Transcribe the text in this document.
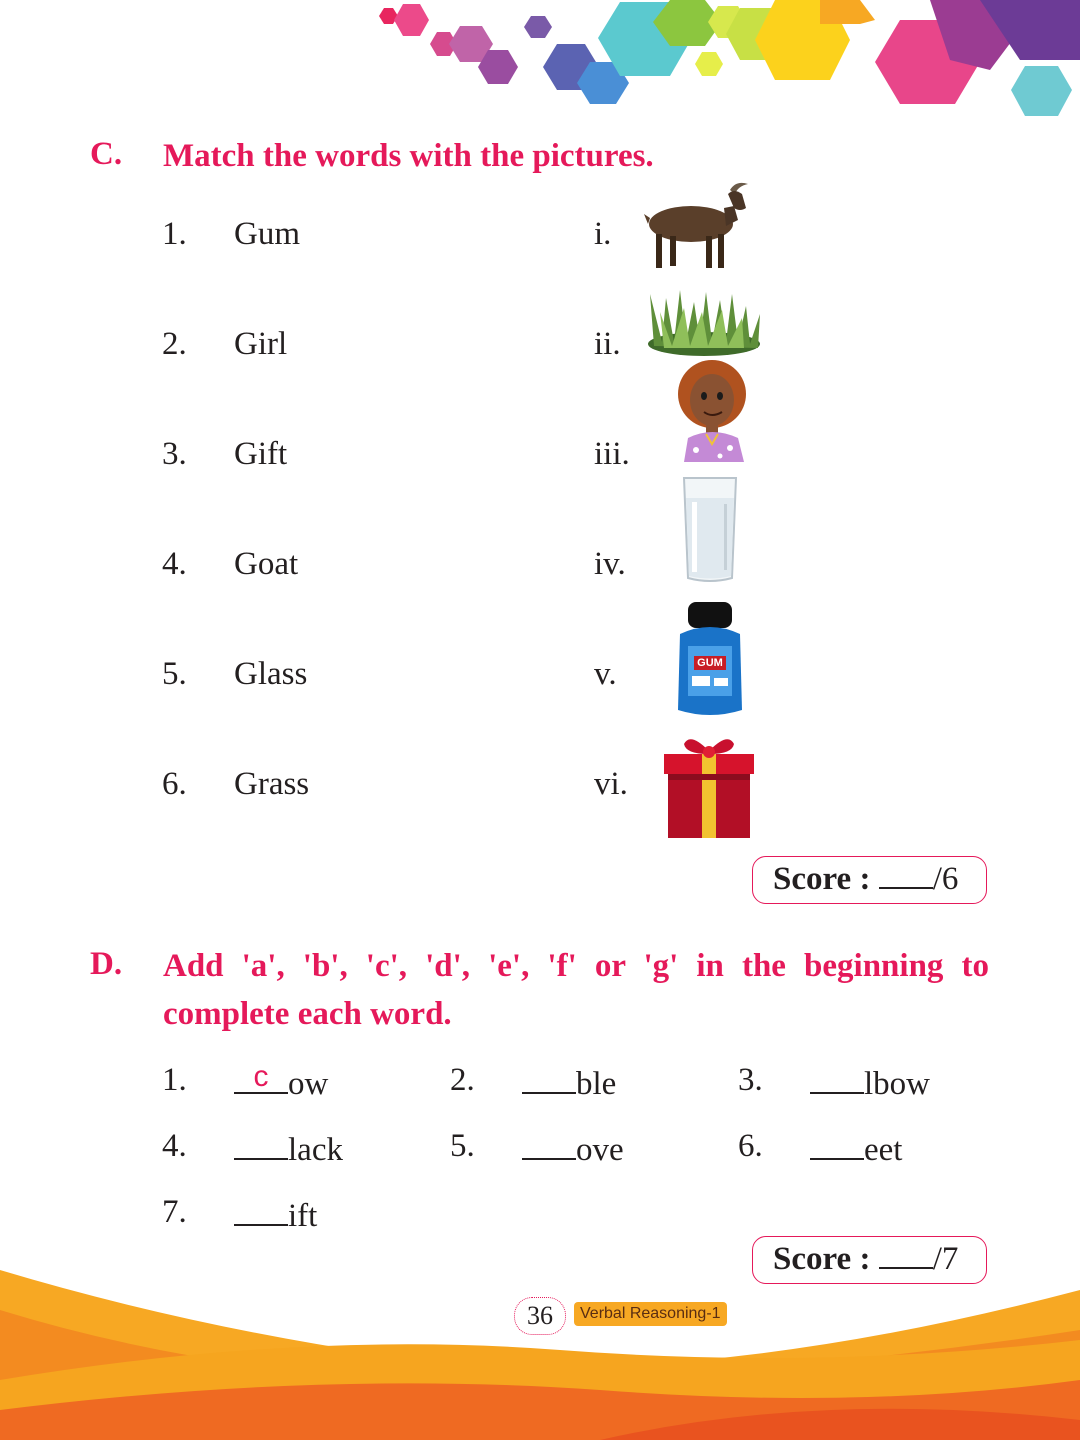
C. Match the words with the pictures.
1. Gum	i.
2. Girl	ii.
3. Gift	iii.
4. Goat	iv.
5. Glass	v.	GUM
6. Grass	vi.
Score : /6
D. Add 'a', 'b', 'c', 'd', 'e', 'f' or 'g' in the beginning to complete each word.
1.	c ow	2.	ble	3.	lbow
4.	lack	5.	ove	6.	eet
7.	ift
Score : /7
36	Verbal Reasoning-1
